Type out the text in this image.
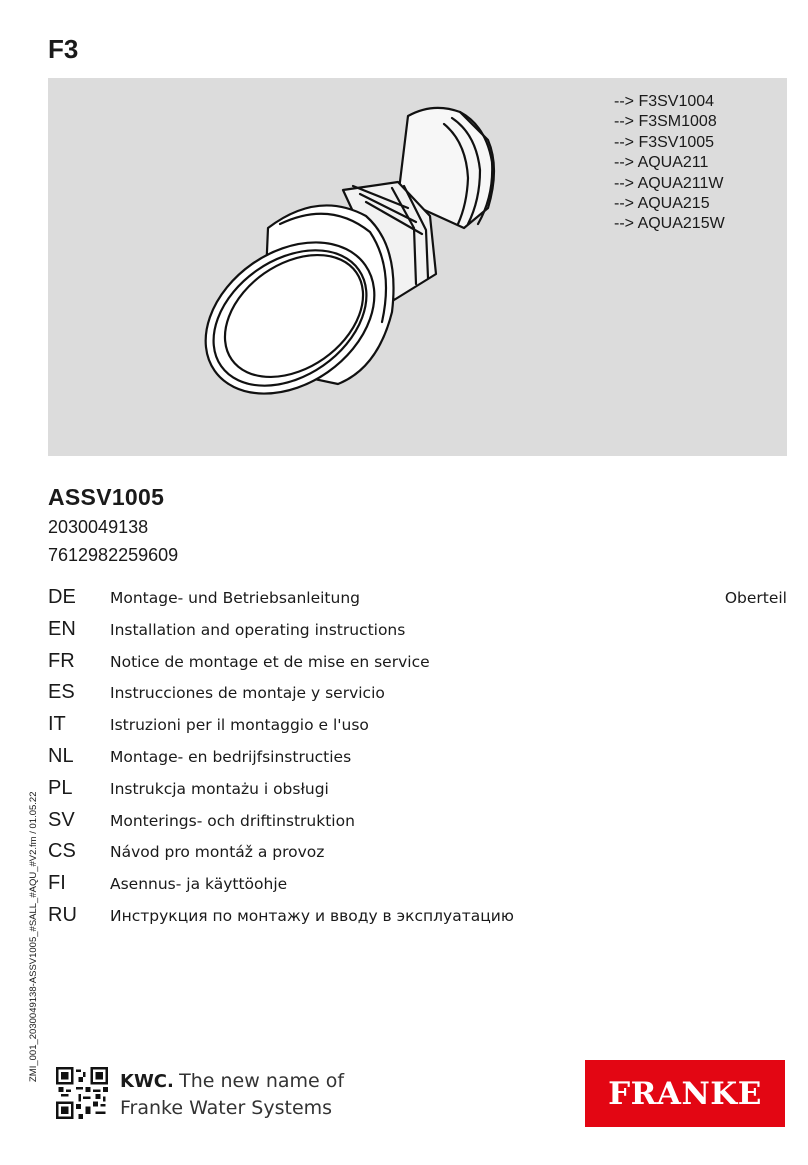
F3
--> F3SV1004
--> F3SM1008
--> F3SV1005
--> AQUA211
--> AQUA211W
--> AQUA215
--> AQUA215W
ASSV1005
2030049138
7612982259609
Oberteil
DE Montage- und Betriebsanleitung
EN Installation and operating instructions
FR Notice de montage et de mise en service
ES Instrucciones de montaje y servicio
IT	Istruzioni per il montaggio e l'uso
NL Montage- en bedrijfsinstructies
PL Instrukcja montażu i obsługi
SV Monterings- och driftinstruktion
CS Návod pro montáž a provoz
FI	Asennus- ja käyttöohje
RU Инструкция по монтажу и вводу в эксплуатацию
ZMI_001_2030049138-ASSV1005_#SALL_#AQU_#V2.fm / 01.05.22	KWC. The new name of
Franke Water Systems	FRANKE
